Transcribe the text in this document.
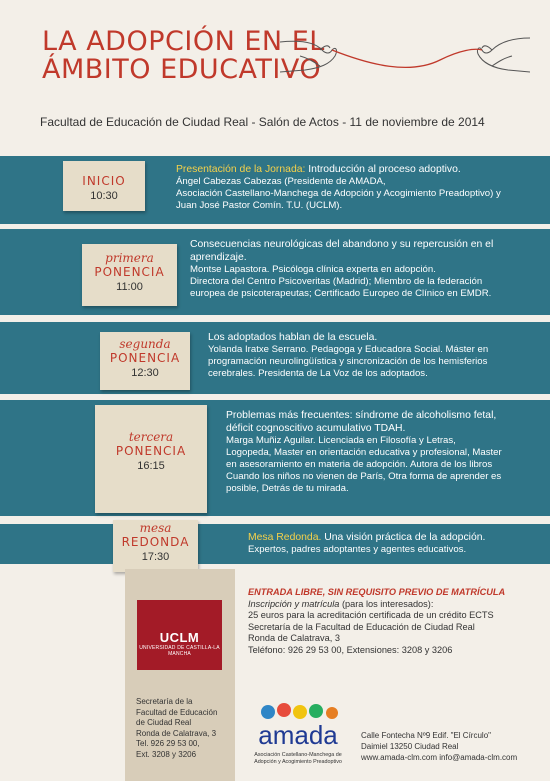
LA ADOPCIÓN EN EL
ÁMBITO EDUCATIVO
Facultad de Educación de Ciudad Real - Salón de Actos - 11 de noviembre de 2014
INICIO
10:30
Presentación de la Jornada: Introducción al proceso adoptivo.
Ángel Cabezas Cabezas (Presidente de AMADA,
Asociación Castellano-Manchega de Adopción y Acogimiento Preadoptivo) y
Juan José Pastor Comín. T.U. (UCLM).
primera
PONENCIA
11:00
Consecuencias neurológicas del abandono y su repercusión en el aprendizaje.
Montse Lapastora. Psicóloga clínica experta en adopción.
Directora del Centro Psicoveritas (Madrid); Miembro de la federación
europea de psicoterapeutas; Certificado Europeo de Clínico en EMDR.
segunda
PONENCIA
12:30
Los adoptados hablan de la escuela.
Yolanda Iratxe Serrano. Pedagoga y Educadora Social. Máster en
programación neurolingüística y sincronización de los hemisferios
cerebrales. Presidenta de La Voz de los adoptados.
tercera
PONENCIA
16:15
Problemas más frecuentes: síndrome de alcoholismo fetal, déficit cognoscitivo acumulativo TDAH.
Marga Muñiz Aguilar. Licenciada en Filosofía y Letras,
Logopeda, Master en orientación educativa y profesional, Master
en asesoramiento en materia de adopción. Autora de los libros
Cuando los niños no vienen de París, Otra forma de aprender es
posible, Detrás de tu mirada.
mesa
REDONDA
17:30
Mesa Redonda. Una visión práctica de la adopción.
Expertos, padres adoptantes y agentes educativos.
UCLM
UNIVERSIDAD DE CASTILLA-LA MANCHA
Secretaría de la
Facultad de Educación
de Ciudad Real
Ronda de Calatrava, 3
Tel. 926 29 53 00,
Ext. 3208 y 3206
ENTRADA LIBRE, SIN REQUISITO PREVIO DE MATRÍCULA
Inscripción y matrícula (para los interesados):
25 euros para la acreditación certificada de un crédito ECTS
Secretaría de la Facultad de Educación de Ciudad Real
Ronda de Calatrava, 3
Teléfono: 926 29 53 00, Extensiones: 3208 y 3206
amada
Asociación Castellano-Manchega de
Adopción y Acogimiento Preadoptivo
Calle Fontecha Nº9 Edif. "El Círculo"
Daimiel 13250 Ciudad Real
www.amada-clm.com info@amada-clm.com
